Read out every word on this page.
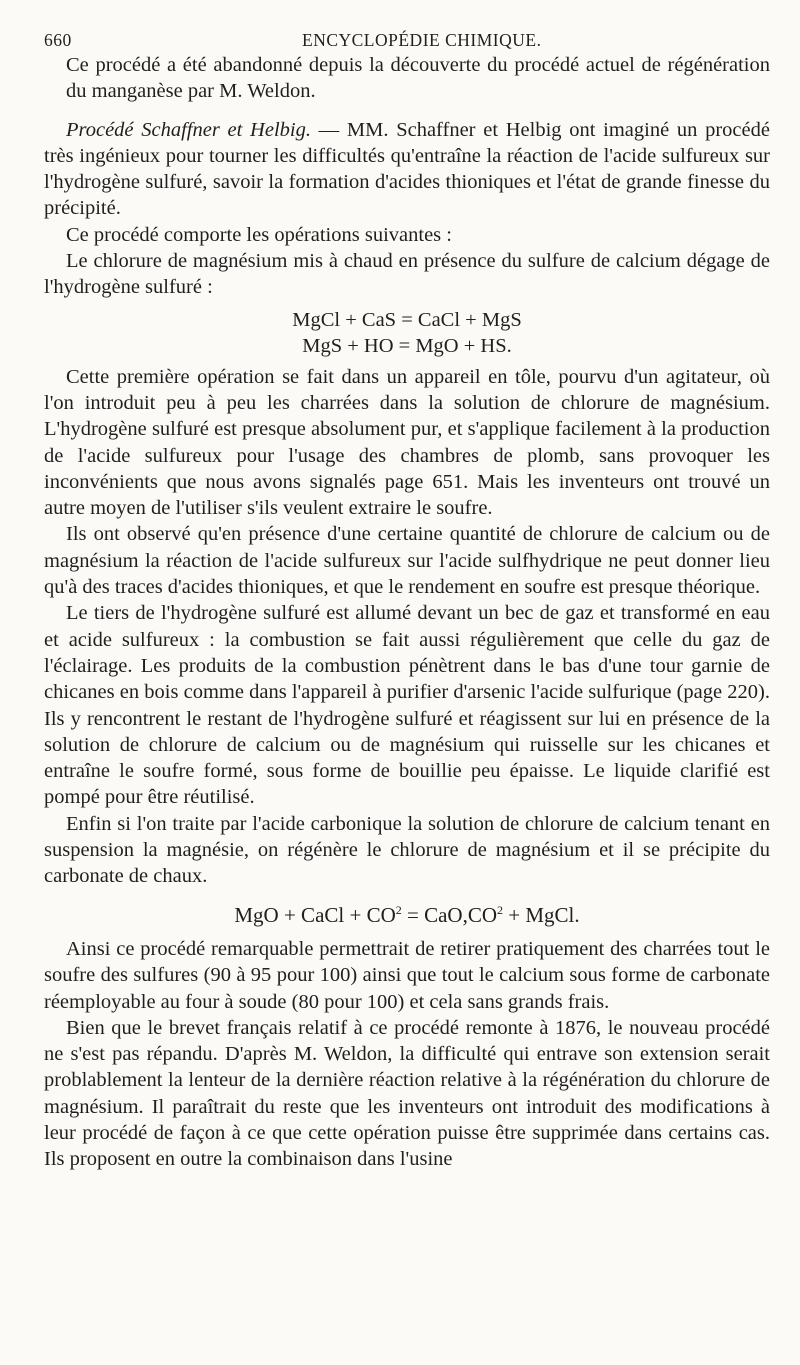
660	ENCYCLOPÉDIE CHIMIQUE.

Ce procédé a été abandonné depuis la découverte du procédé actuel de régénération du manganèse par M. Weldon.

Procédé Schaffner et Helbig. — MM. Schaffner et Helbig ont imaginé un procédé très ingénieux pour tourner les difficultés qu'entraîne la réaction de l'acide sulfureux sur l'hydrogène sulfuré, savoir la formation d'acides thioniques et l'état de grande finesse du précipité.

Ce procédé comporte les opérations suivantes :

Le chlorure de magnésium mis à chaud en présence du sulfure de calcium dégage de l'hydrogène sulfuré :

MgCl + CaS = CaCl + MgS
MgS + HO = MgO + HS.

Cette première opération se fait dans un appareil en tôle, pourvu d'un agitateur, où l'on introduit peu à peu les charrées dans la solution de chlorure de magnésium. L'hydrogène sulfuré est presque absolument pur, et s'applique facilement à la production de l'acide sulfureux pour l'usage des chambres de plomb, sans provoquer les inconvénients que nous avons signalés page 651. Mais les inventeurs ont trouvé un autre moyen de l'utiliser s'ils veulent extraire le soufre.

Ils ont observé qu'en présence d'une certaine quantité de chlorure de calcium ou de magnésium la réaction de l'acide sulfureux sur l'acide sulfhydrique ne peut donner lieu qu'à des traces d'acides thioniques, et que le rendement en soufre est presque théorique.

Le tiers de l'hydrogène sulfuré est allumé devant un bec de gaz et transformé en eau et acide sulfureux : la combustion se fait aussi régulièrement que celle du gaz de l'éclairage. Les produits de la combustion pénètrent dans le bas d'une tour garnie de chicanes en bois comme dans l'appareil à purifier d'arsenic l'acide sulfurique (page 220). Ils y rencontrent le restant de l'hydrogène sulfuré et réagissent sur lui en présence de la solution de chlorure de calcium ou de magnésium qui ruisselle sur les chicanes et entraîne le soufre formé, sous forme de bouillie peu épaisse. Le liquide clarifié est pompé pour être réutilisé.

Enfin si l'on traite par l'acide carbonique la solution de chlorure de calcium tenant en suspension la magnésie, on régénère le chlorure de magnésium et il se précipite du carbonate de chaux.

MgO + CaCl + $CO^2 = CaO,CO^2$ + MgCl.

Ainsi ce procédé remarquable permettrait de retirer pratiquement des charrées tout le soufre des sulfures (90 à 95 pour 100) ainsi que tout le calcium sous forme de carbonate réemployable au four à soude (80 pour 100) et cela sans grands frais.

Bien que le brevet français relatif à ce procédé remonte à 1876, le nouveau procédé ne s'est pas répandu. D'après M. Weldon, la difficulté qui entrave son extension serait problablement la lenteur de la dernière réaction relative à la régénération du chlorure de magnésium. Il paraîtrait du reste que les inventeurs ont introduit des modifications à leur procédé de façon à ce que cette opération puisse être supprimée dans certains cas. Ils proposent en outre la combinaison dans l'usine
